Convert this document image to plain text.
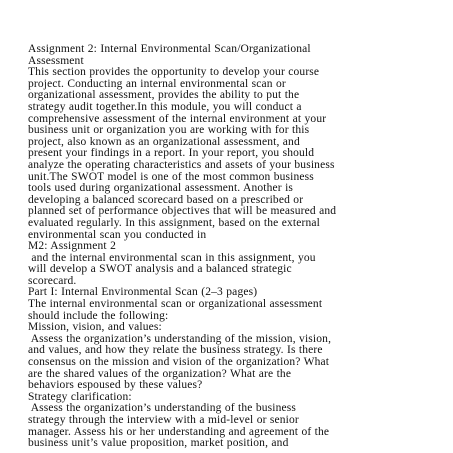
Assignment 2: Internal Environmental Scan/Organizational
Assessment
This section provides the opportunity to develop your course
project. Conducting an internal environmental scan or
organizational assessment, provides the ability to put the
strategy audit together.In this module, you will conduct a
comprehensive assessment of the internal environment at your
business unit or organization you are working with for this
project, also known as an organizational assessment, and
present your findings in a report. In your report, you should
analyze the operating characteristics and assets of your business
unit.The SWOT model is one of the most common business
tools used during organizational assessment. Another is
developing a balanced scorecard based on a prescribed or
planned set of performance objectives that will be measured and
evaluated regularly. In this assignment, based on the external
environmental scan you conducted in
M2: Assignment 2
and the internal environmental scan in this assignment, you
will develop a SWOT analysis and a balanced strategic
scorecard.
Part I: Internal Environmental Scan (2–3 pages)
The internal environmental scan or organizational assessment
should include the following:
Mission, vision, and values:
Assess the organization’s understanding of the mission, vision,
and values, and how they relate the business strategy. Is there
consensus on the mission and vision of the organization? What
are the shared values of the organization? What are the
behaviors espoused by these values?
Strategy clarification:
Assess the organization’s understanding of the business
strategy through the interview with a mid-level or senior
manager. Assess his or her understanding and agreement of the
business unit’s value proposition, market position, and
